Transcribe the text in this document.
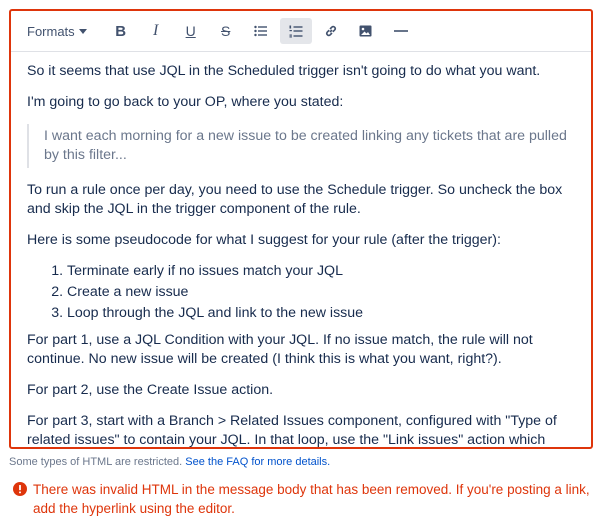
Formats	B I U S

So it seems that use JQL in the Scheduled trigger isn't going to do what you want.

I'm going to go back to your OP, where you stated:

I want each morning for a new issue to be created linking any tickets that are pulled by this filter...

To run a rule once per day, you need to use the Schedule trigger. So uncheck the box and skip the JQL in the trigger component of the rule.

Here is some pseudocode for what I suggest for your rule (after the trigger):

1. Terminate early if no issues match your JQL
2. Create a new issue
3. Loop through the JQL and link to the new issue

For part 1, use a JQL Condition with your JQL. If no issue match, the rule will not continue. No new issue will be created (I think this is what you want, right?).

For part 2, use the Create Issue action.

For part 3, start with a Branch > Related Issues component, configured with "Type of related issues" to contain your JQL. In that loop, use the "Link issues" action which

Some types of HTML are restricted. See the FAQ for more details.
There was invalid HTML in the message body that has been removed. If you're posting a link, add the hyperlink using the editor.
